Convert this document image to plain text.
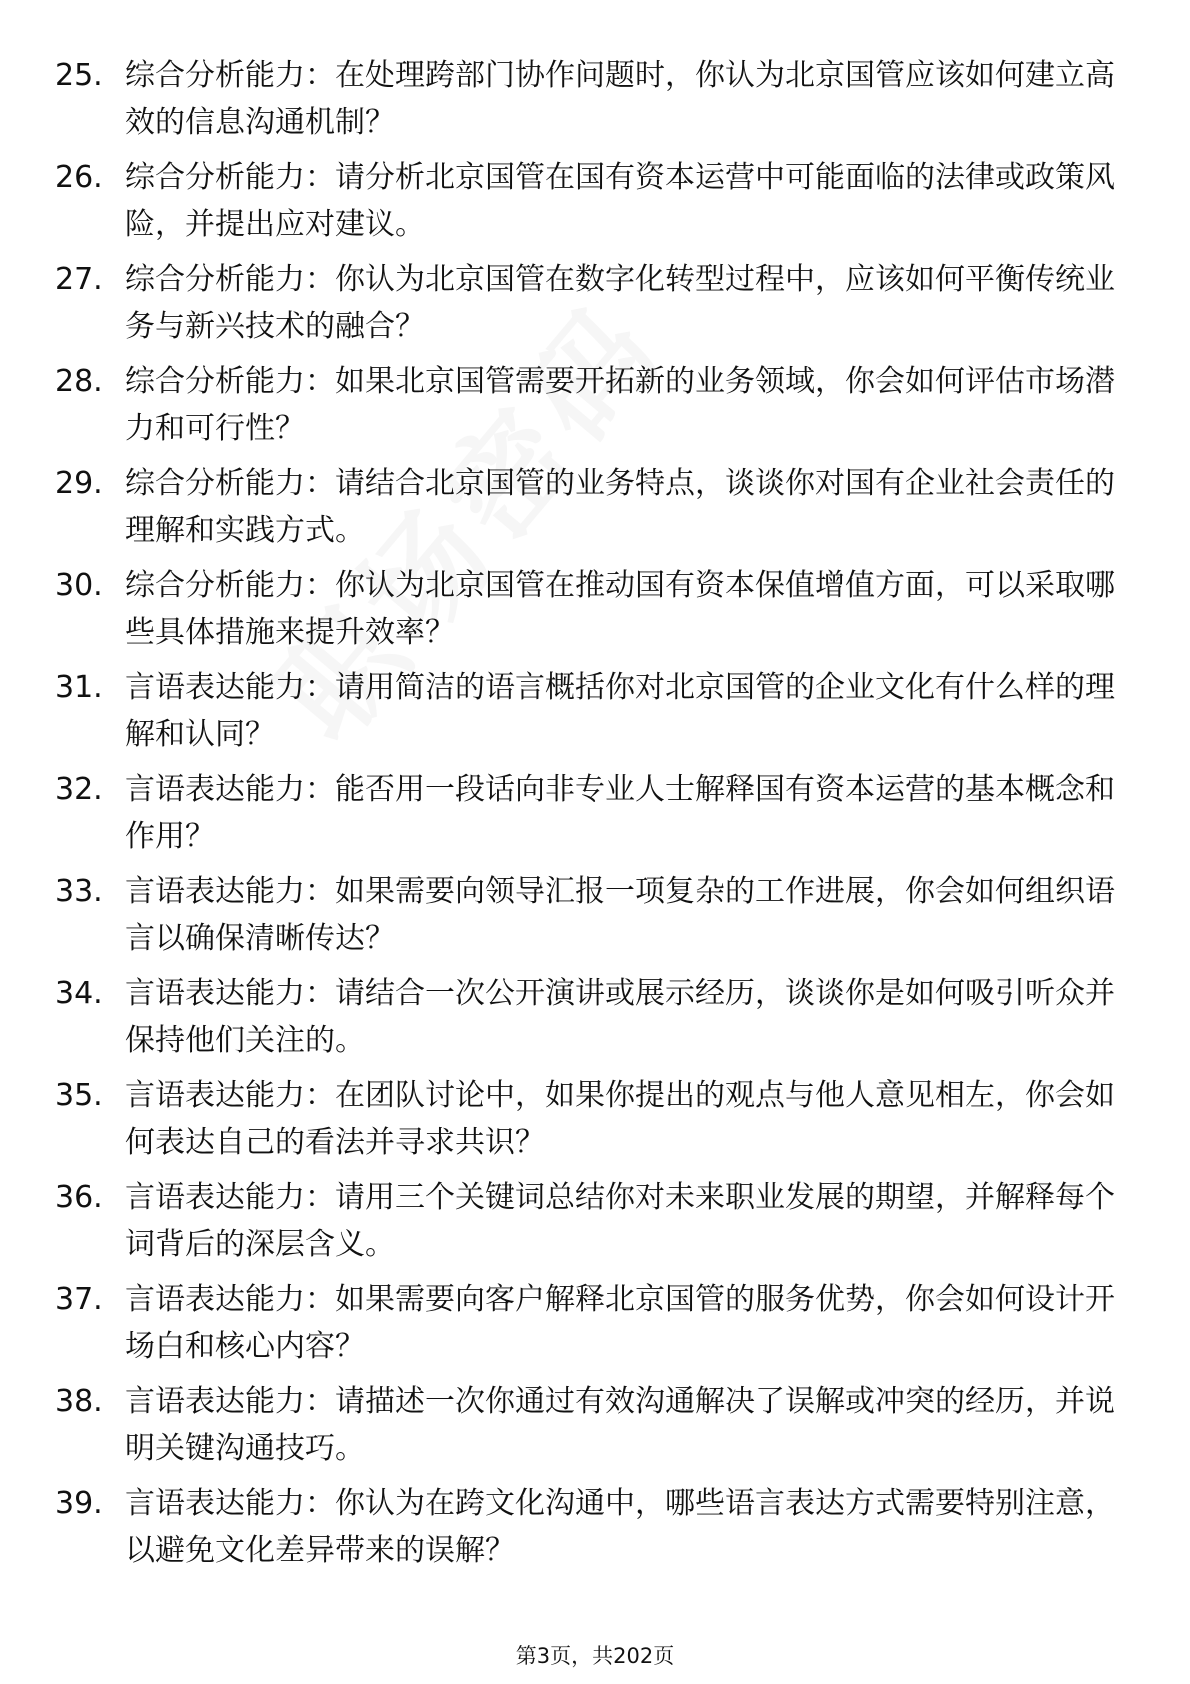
25. 综合分析能力：在处理跨部门协作问题时，你认为北京国管应该如何建立高效的信息沟通机制？

26. 综合分析能力：请分析北京国管在国有资本运营中可能面临的法律或政策风险，并提出应对建议。

27. 综合分析能力：你认为北京国管在数字化转型过程中，应该如何平衡传统业务与新兴技术的融合？

28. 综合分析能力：如果北京国管需要开拓新的业务领域，你会如何评估市场潜力和可行性？

29. 综合分析能力：请结合北京国管的业务特点，谈谈你对国有企业社会责任的理解和实践方式。

30. 综合分析能力：你认为北京国管在推动国有资本保值增值方面，可以采取哪些具体措施来提升效率？

31. 言语表达能力：请用简洁的语言概括你对北京国管的企业文化有什么样的理解和认同？

32. 言语表达能力：能否用一段话向非专业人士解释国有资本运营的基本概念和作用？

33. 言语表达能力：如果需要向领导汇报一项复杂的工作进展，你会如何组织语言以确保清晰传达？

34. 言语表达能力：请结合一次公开演讲或展示经历，谈谈你是如何吸引听众并保持他们关注的。

35. 言语表达能力：在团队讨论中，如果你提出的观点与他人意见相左，你会如何表达自己的看法并寻求共识？

36. 言语表达能力：请用三个关键词总结你对未来职业发展的期望，并解释每个词背后的深层含义。

37. 言语表达能力：如果需要向客户解释北京国管的服务优势，你会如何设计开场白和核心内容？

38. 言语表达能力：请描述一次你通过有效沟通解决了误解或冲突的经历，并说明关键沟通技巧。

39. 言语表达能力：你认为在跨文化沟通中，哪些语言表达方式需要特别注意，以避免文化差异带来的误解？

第3页，共202页
